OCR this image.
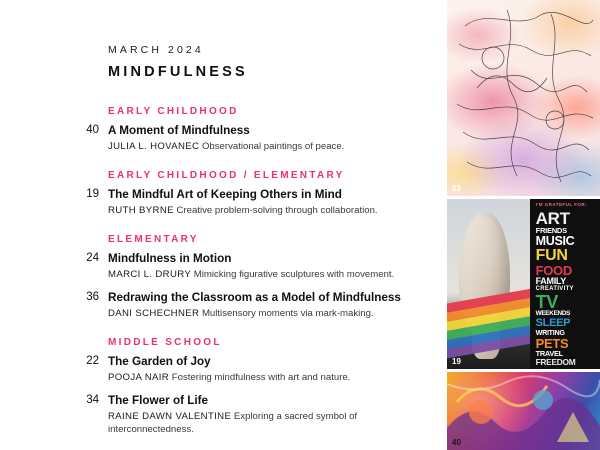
MARCH 2024
MINDFULNESS
EARLY CHILDHOOD
40 A Moment of Mindfulness
JULIA L. HOVANEC Observational paintings of peace.
EARLY CHILDHOOD / ELEMENTARY
19 The Mindful Art of Keeping Others in Mind
RUTH BYRNE Creative problem-solving through collaboration.
ELEMENTARY
24 Mindfulness in Motion
MARCI L. DRURY Mimicking figurative sculptures with movement.
36 Redrawing the Classroom as a Model of Mindfulness
DANI SCHECHNER Multisensory moments via mark-making.
MIDDLE SCHOOL
22 The Garden of Joy
POOJA NAIR Fostering mindfulness with art and nature.
34 The Flower of Life
RAINE DAWN VALENTINE Exploring a sacred symbol of interconnectedness.
22
I'M GRATEFUL FOR:
ART
FRIENDS
MUSIC
FUN
FOOD
FAMILY
CREATIVITY
TV
WEEKENDS
SLEEP
WRITING
PETS
TRAVEL
FREEDOM
19
40
